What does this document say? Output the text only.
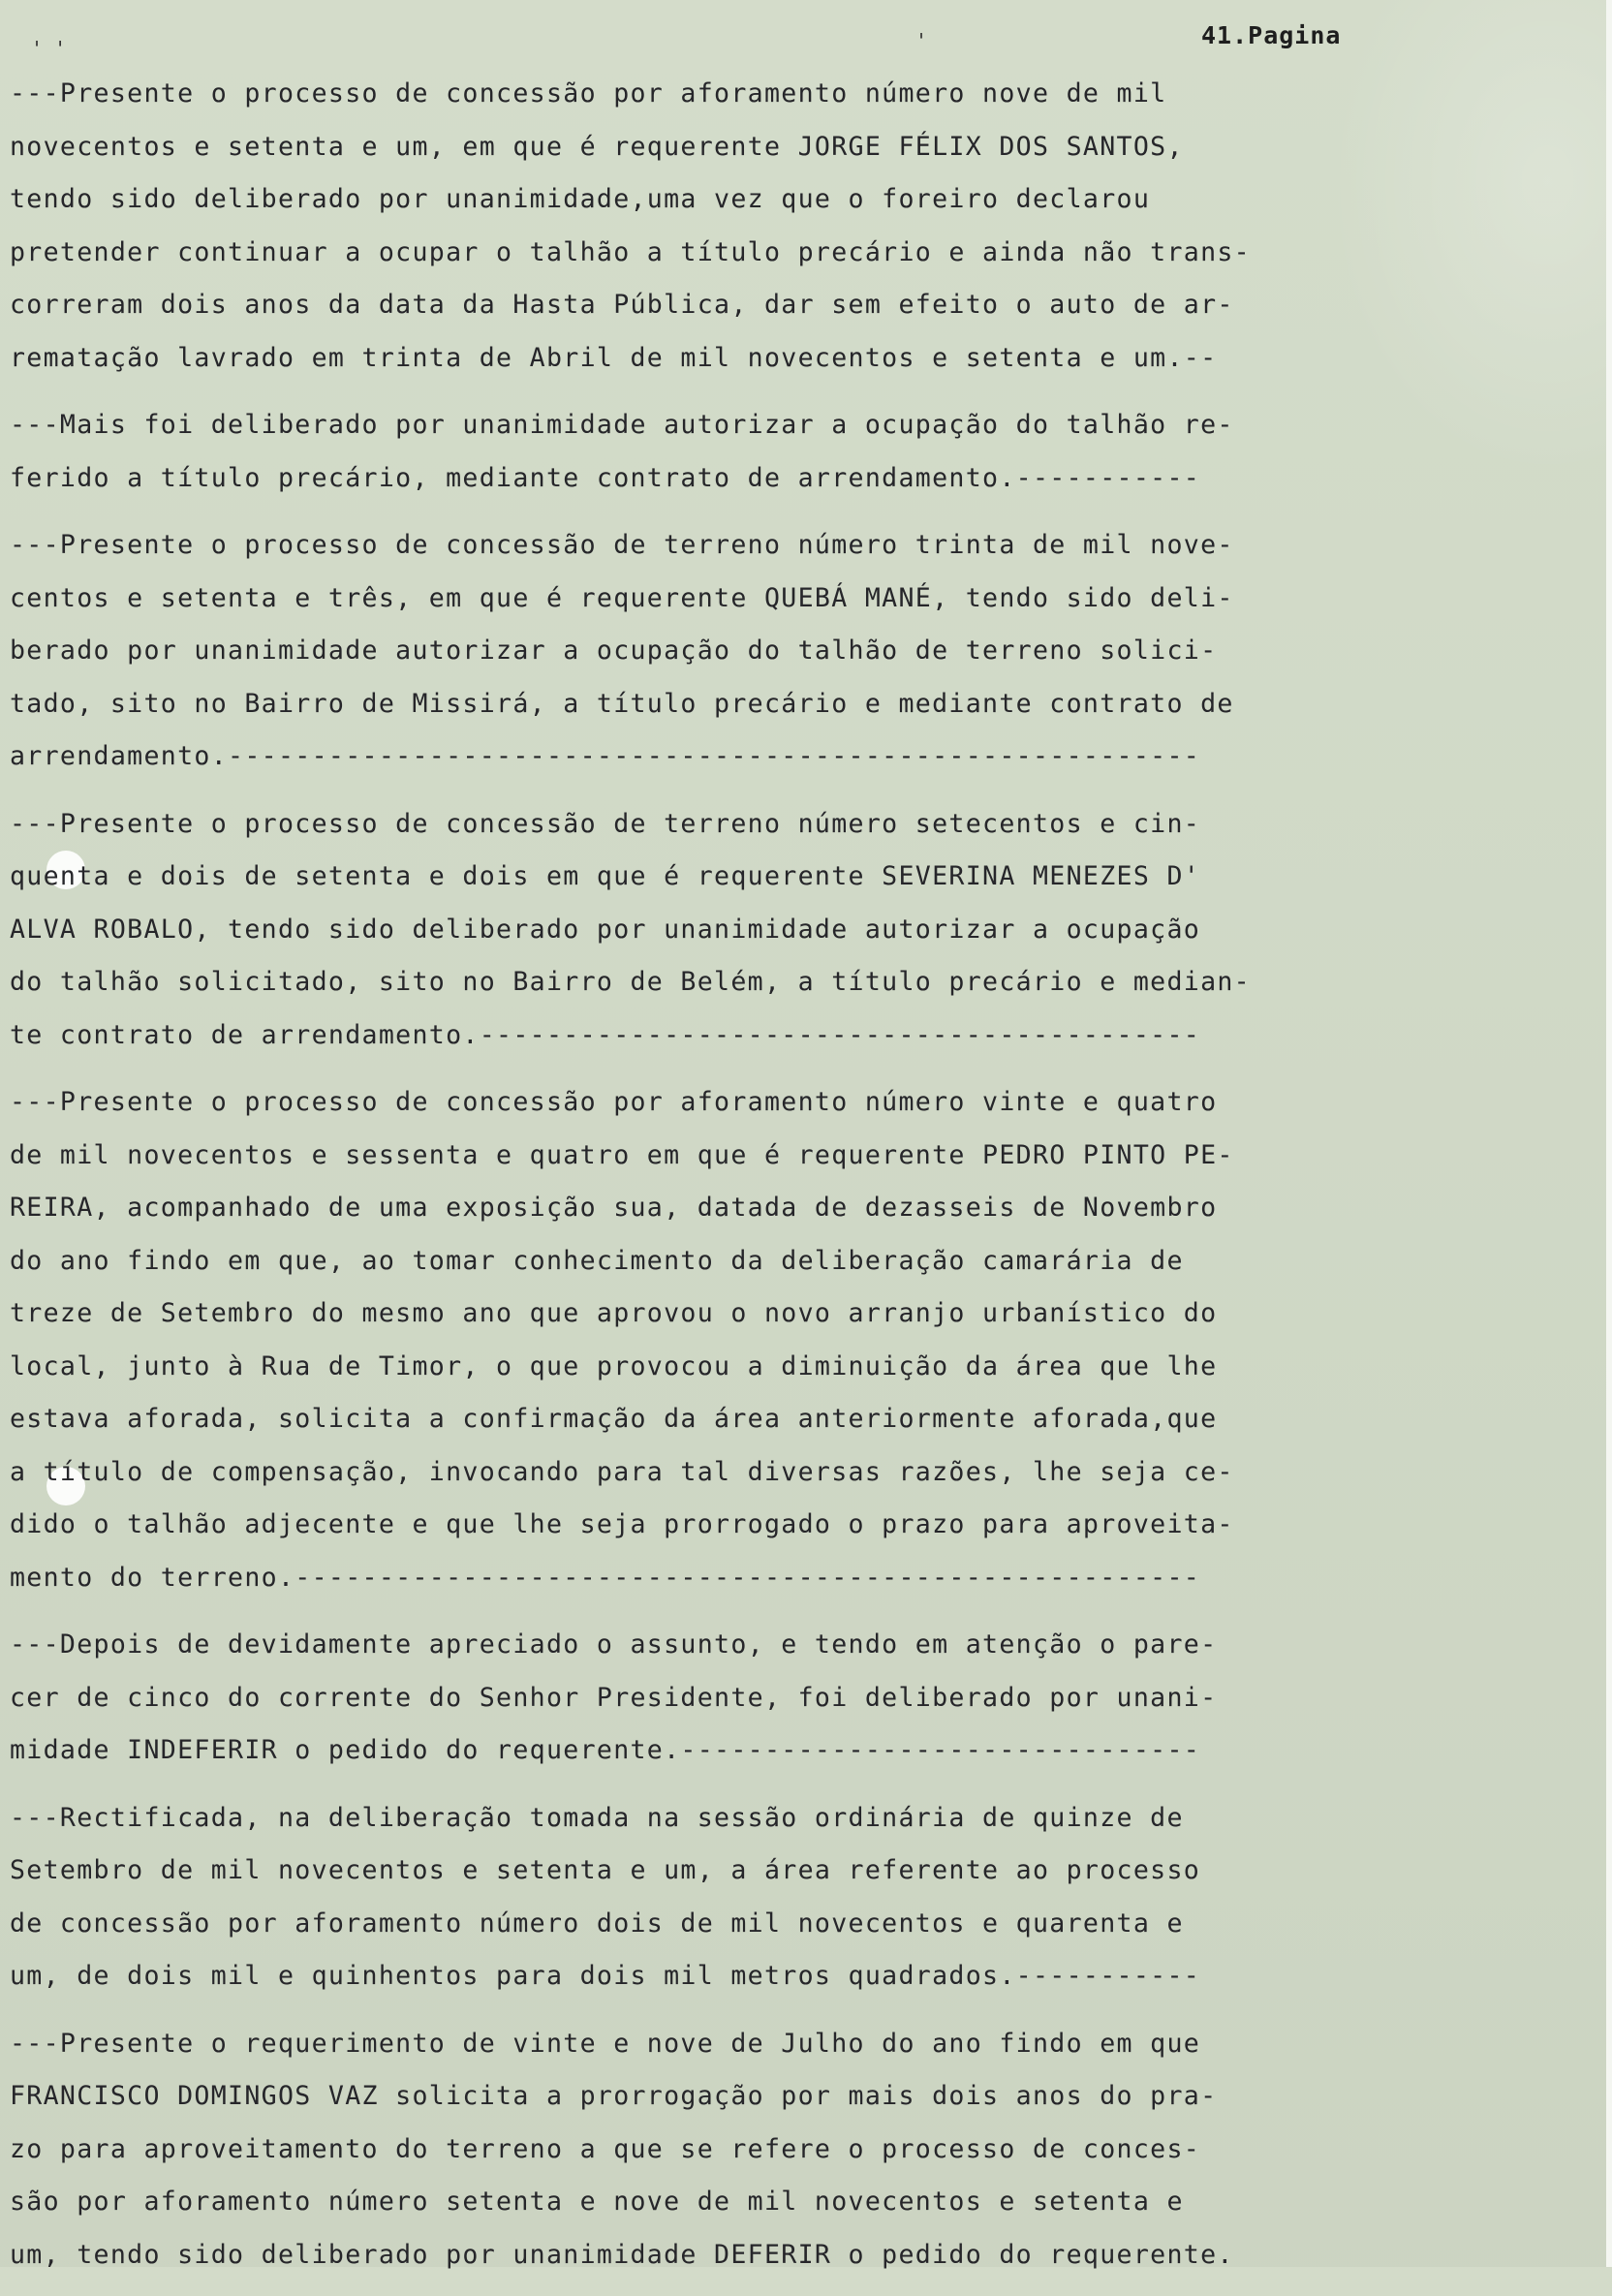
' '	'	41.Pagina
---Presente o processo de concessão por aforamento número nove de mil
novecentos e setenta e um, em que é requerente JORGE FÉLIX DOS SANTOS,
tendo sido deliberado por unanimidade,uma vez que o foreiro declarou
pretender continuar a ocupar o talhão a título precário e ainda não trans-
correram dois anos da data da Hasta Pública, dar sem efeito o auto de ar-
rematação lavrado em trinta de Abril de mil novecentos e setenta e um.--
---Mais foi deliberado por unanimidade autorizar a ocupação do talhão re-
ferido a título precário, mediante contrato de arrendamento.-----------
---Presente o processo de concessão de terreno número trinta de mil nove-
centos e setenta e três, em que é requerente QUEBÁ MANÉ, tendo sido deli-
berado por unanimidade autorizar a ocupação do talhão de terreno solici-
tado, sito no Bairro de Missirá, a título precário e mediante contrato de
arrendamento.----------------------------------------------------------
---Presente o processo de concessão de terreno número setecentos e cin-
quenta e dois de setenta e dois em que é requerente SEVERINA MENEZES D'
ALVA ROBALO, tendo sido deliberado por unanimidade autorizar a ocupação
do talhão solicitado, sito no Bairro de Belém, a título precário e median-
te contrato de arrendamento.-------------------------------------------
---Presente o processo de concessão por aforamento número vinte e quatro
de mil novecentos e sessenta e quatro em que é requerente PEDRO PINTO PE-
REIRA, acompanhado de uma exposição sua, datada de dezasseis de Novembro
do ano findo em que, ao tomar conhecimento da deliberação camarária de
treze de Setembro do mesmo ano que aprovou o novo arranjo urbanístico do
local, junto à Rua de Timor, o que provocou a diminuição da área que lhe
estava aforada, solicita a confirmação da área anteriormente aforada,que
a título de compensação, invocando para tal diversas razões, lhe seja ce-
dido o talhão adjecente e que lhe seja prorrogado o prazo para aproveita-
mento do terreno.------------------------------------------------------
---Depois de devidamente apreciado o assunto, e tendo em atenção o pare-
cer de cinco do corrente do Senhor Presidente, foi deliberado por unani-
midade INDEFERIR o pedido do requerente.-------------------------------
---Rectificada, na deliberação tomada na sessão ordinária de quinze de
Setembro de mil novecentos e setenta e um, a área referente ao processo
de concessão por aforamento número dois de mil novecentos e quarenta e
um, de dois mil e quinhentos para dois mil metros quadrados.-----------
---Presente o requerimento de vinte e nove de Julho do ano findo em que
FRANCISCO DOMINGOS VAZ solicita a prorrogação por mais dois anos do pra-
zo para aproveitamento do terreno a que se refere o processo de conces-
são por aforamento número setenta e nove de mil novecentos e setenta e
um, tendo sido deliberado por unanimidade DEFERIR o pedido do requerente.
